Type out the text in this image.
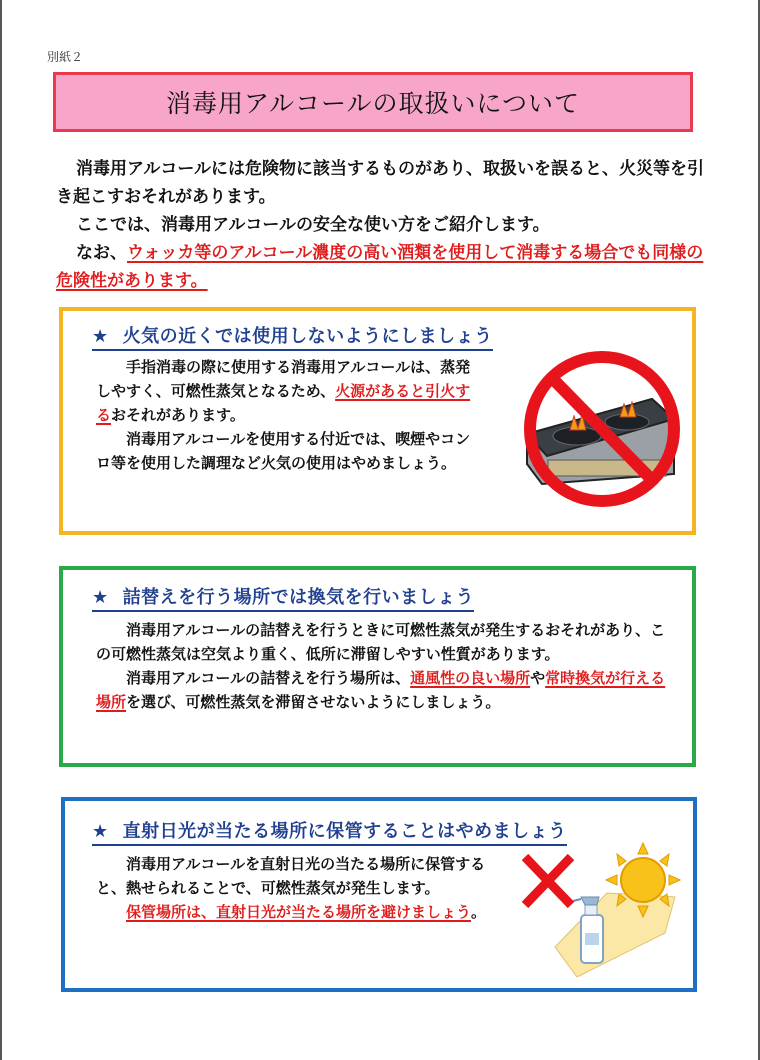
別紙２
消毒用アルコールの取扱いについて

消毒用アルコールには危険物に該当するものがあり、取扱いを誤ると、火災等を引き起こすおそれがあります。

ここでは、消毒用アルコールの安全な使い方をご紹介します。

なお、ウォッカ等のアルコール濃度の高い酒類を使用して消毒する場合でも同様の危険性があります。

★ 火気の近くでは使用しないようにしましょう

手指消毒の際に使用する消毒用アルコールは、蒸発しやすく、可燃性蒸気となるため、火源があると引火するおそれがあります。

消毒用アルコールを使用する付近では、喫煙やコンロ等を使用した調理など火気の使用はやめましょう。

★ 詰替えを行う場所では換気を行いましょう

消毒用アルコールの詰替えを行うときに可燃性蒸気が発生するおそれがあり、この可燃性蒸気は空気より重く、低所に滞留しやすい性質があります。

消毒用アルコールの詰替えを行う場所は、通風性の良い場所や常時換気が行える場所を選び、可燃性蒸気を滞留させないようにしましょう。

★ 直射日光が当たる場所に保管することはやめましょう

消毒用アルコールを直射日光の当たる場所に保管すると、熱せられることで、可燃性蒸気が発生します。

保管場所は、直射日光が当たる場所を避けましょう。
